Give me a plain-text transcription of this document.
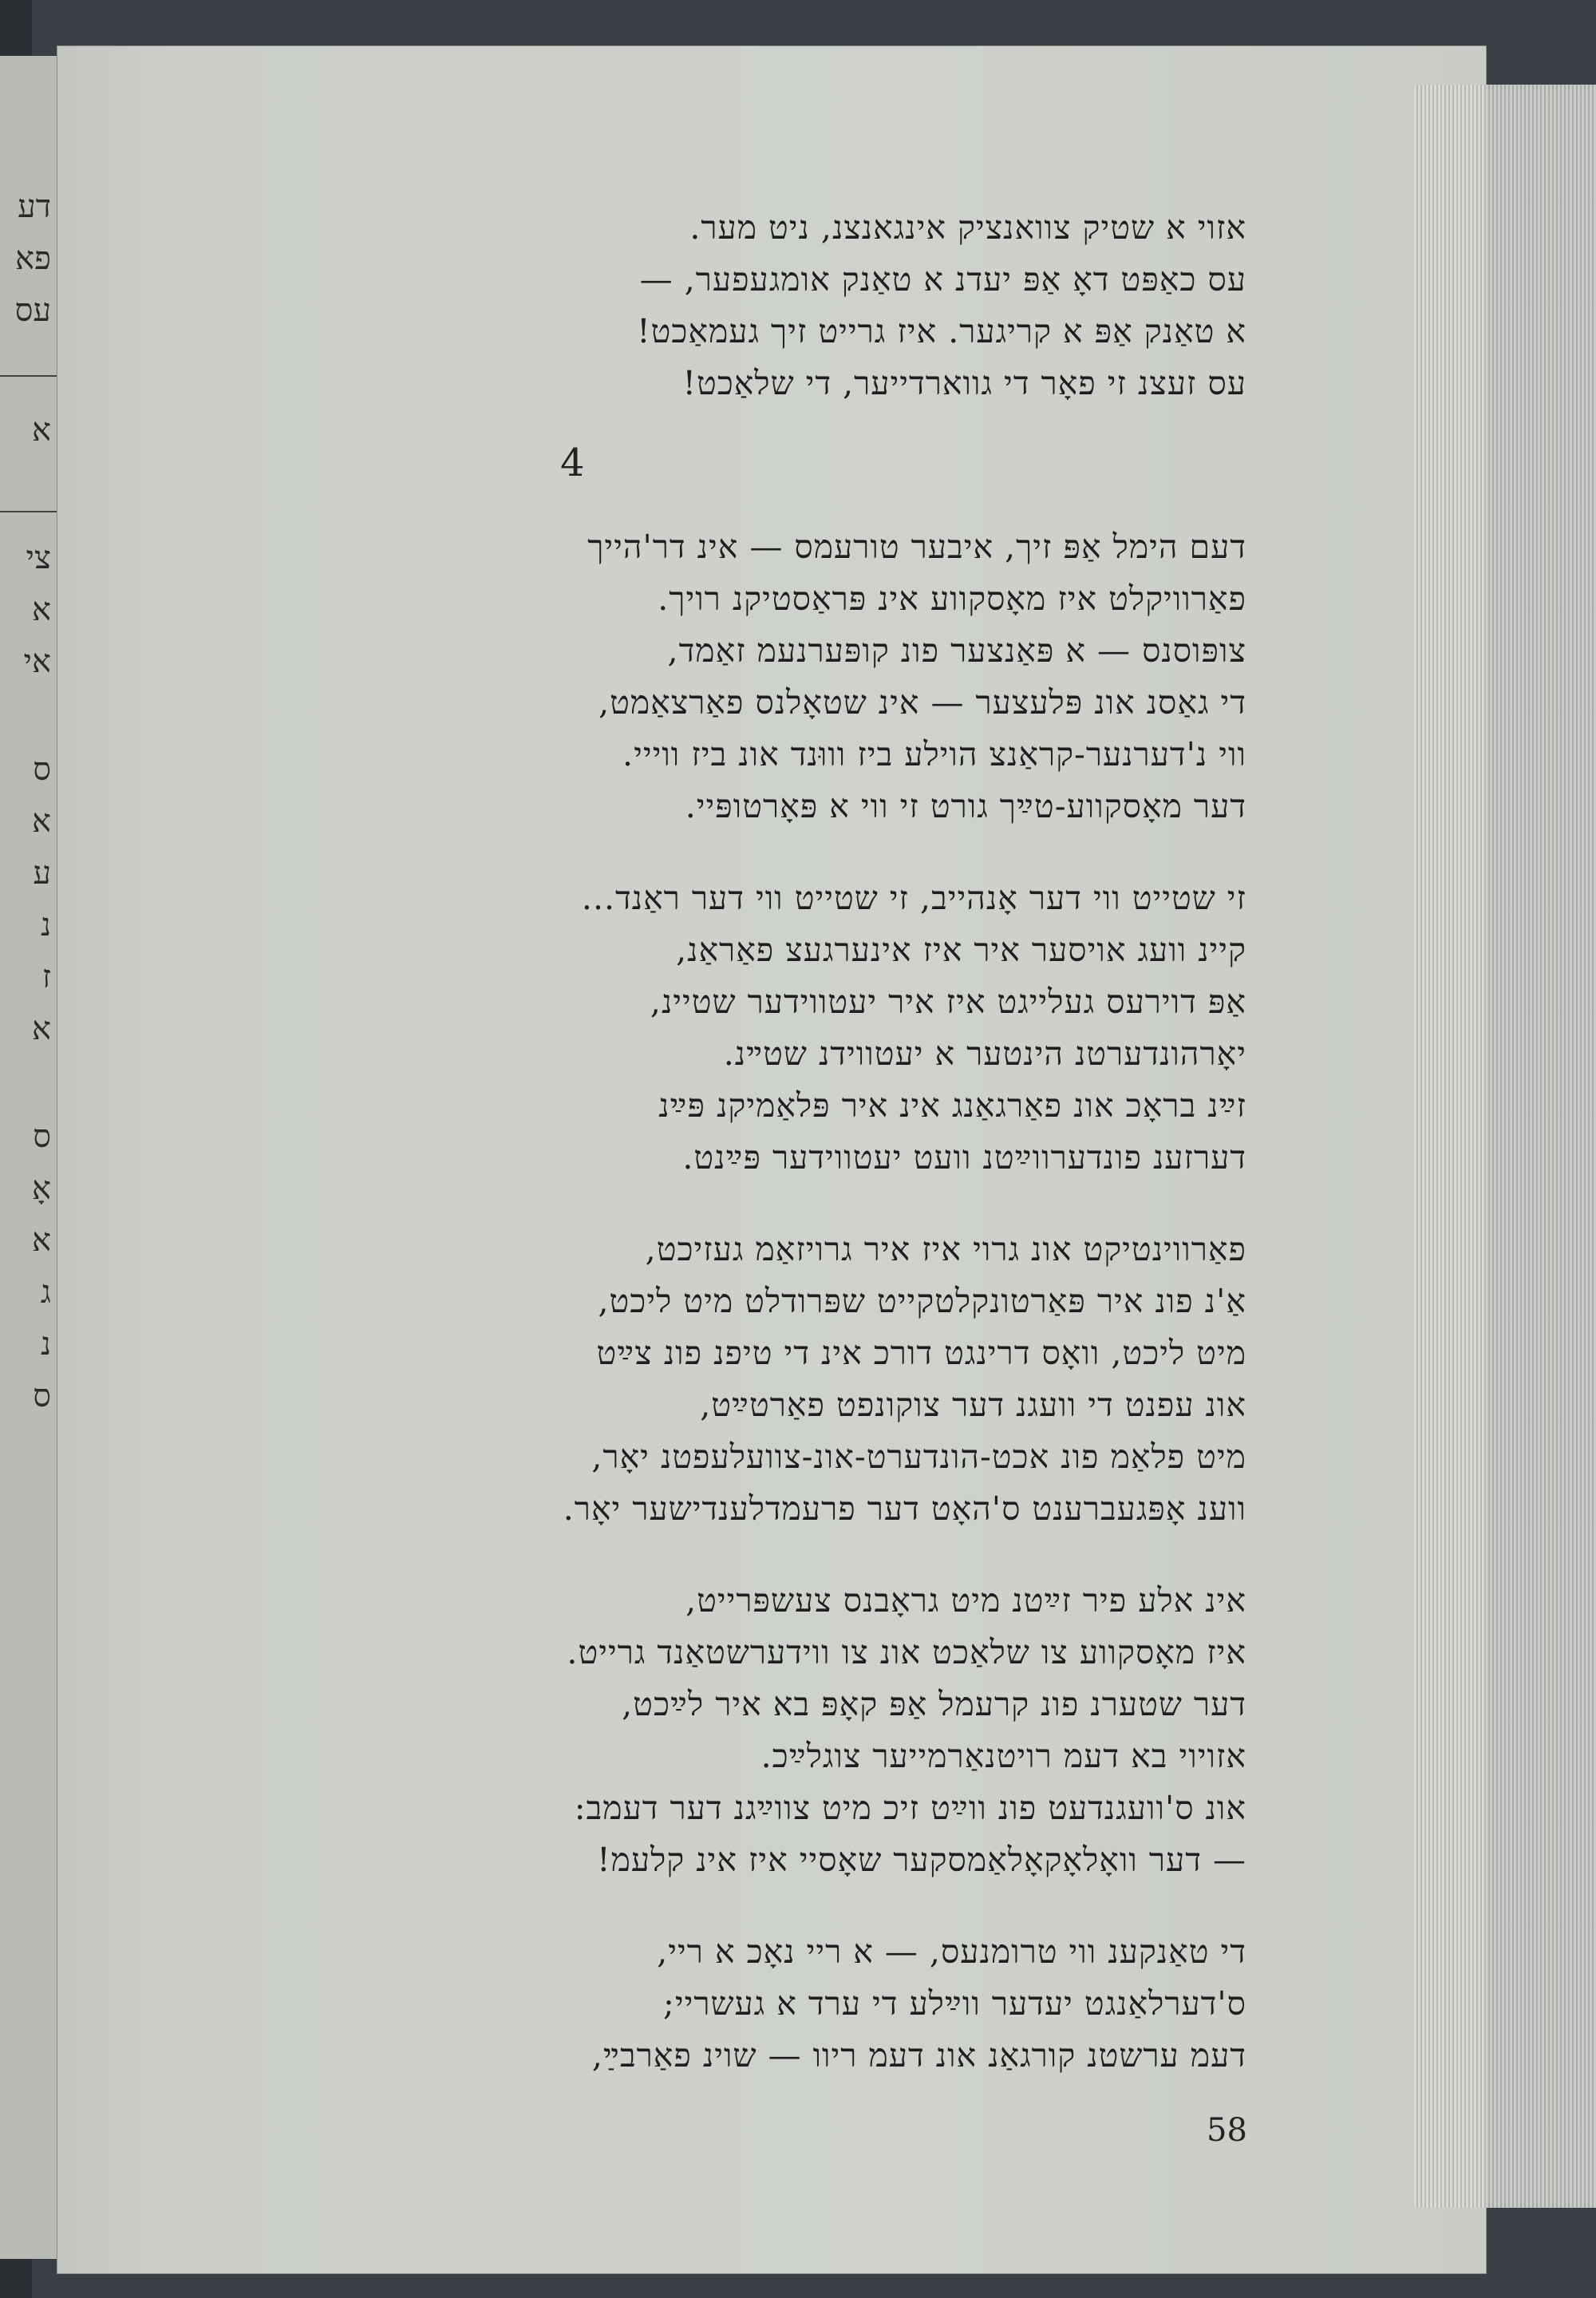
דע
פא
עס
א
צי
א
אי
ס
א
ע
נ
ז
א
ס
אָ
א
ג
נ
ס
אזוי א שטיק צוואנציק אינגאנצנ, ניט מער.
עס כאַפּט דאָ אַפּ יעדנ א טאַנק אומגעפער, —
א טאַנק אַפּ א קריגער. איז גרייט זיך געמאַכט!
עס זעצנ זי פאָר די גווארדייער, די שלאַכט!
דעם הימל אַפּ זיך, איבער טורעמס — אינ דר'הייך
פאַרוויקלט איז מאָסקווע אינ פּראַסטיקנ רויך.
צופּוסנס — א פּאַנצער פונ קופּערנעמ זאַמד,
די גאַסנ אונ פּלעצער — אינ שטאָלנס פאַרצאַמט,
ווי נ'דערנער-קראַנצ הוילע ביז וווּנד אונ ביז ווייי.
דער מאָסקווע-טײַך גורט זי ווי א פּאָרטופּיי.
זי שטייט ווי דער אָנהייב, זי שטייט ווי דער ראַנד...
קיינ וועג אויסער איר איז אינערגעצ פאַראַנ,
אַפּ דוירעס געלייגט איז איר יעטווידער שטיינ,
יאָרהונדערטנ הינטער א יעטווידנ שטײנ.
זײַנ בראָכ אונ פאַרגאַנג אינ איר פּלאַמיקנ פּײַנ
דערזענ פונדערווײַטנ וועט יעטווידער פּײַנט.
פאַרווינטיקט אונ גרוי איז איר גרויזאַמ געזיכט,
אַ'נ פונ איר פּאַרטונקלטקייט שפּרודלט מיט ליכט,
מיט ליכט, וואָס דרינגט דורכ אינ די טיפנ פונ צײַט
אונ עפנט די וועגנ דער צוקונפט פאַרטײַט,
מיט פלאַמ פונ אכט-הונדערט-אונ-צוועלעפטנ יאָר,
ווענ אָפּגעברענט ס'האָט דער פרעמדלענדישער יאָר.
אינ אלע פיר זײַטנ מיט גראָבנס צעשפּרייט,
איז מאָסקווע צו שלאַכט אונ צו ווידערשטאַנד גרייט.
דער שטערנ פונ קרעמל אַפּ קאָפּ בא איר לײַכט,
אזויוי בא דעמ רויטנאַרמייער צוגלײַכ.
אונ ס'וועגנדעט פונ ווײַט זיכ מיט צווײַגנ דער דעמב:
— דער וואָלאָקאָלאַמסקער שאָסיי איז אינ קלעמ!
די טאַנקענ ווי טרומנעס, — א ריי נאָכ א ריי,
ס'דערלאַנגט יעדער ווײַלע די ערד א געשריי;
דעמ ערשטנ קורגאַנ אונ דעמ ריוו — שוינ פאַרבײַ,
4
58
